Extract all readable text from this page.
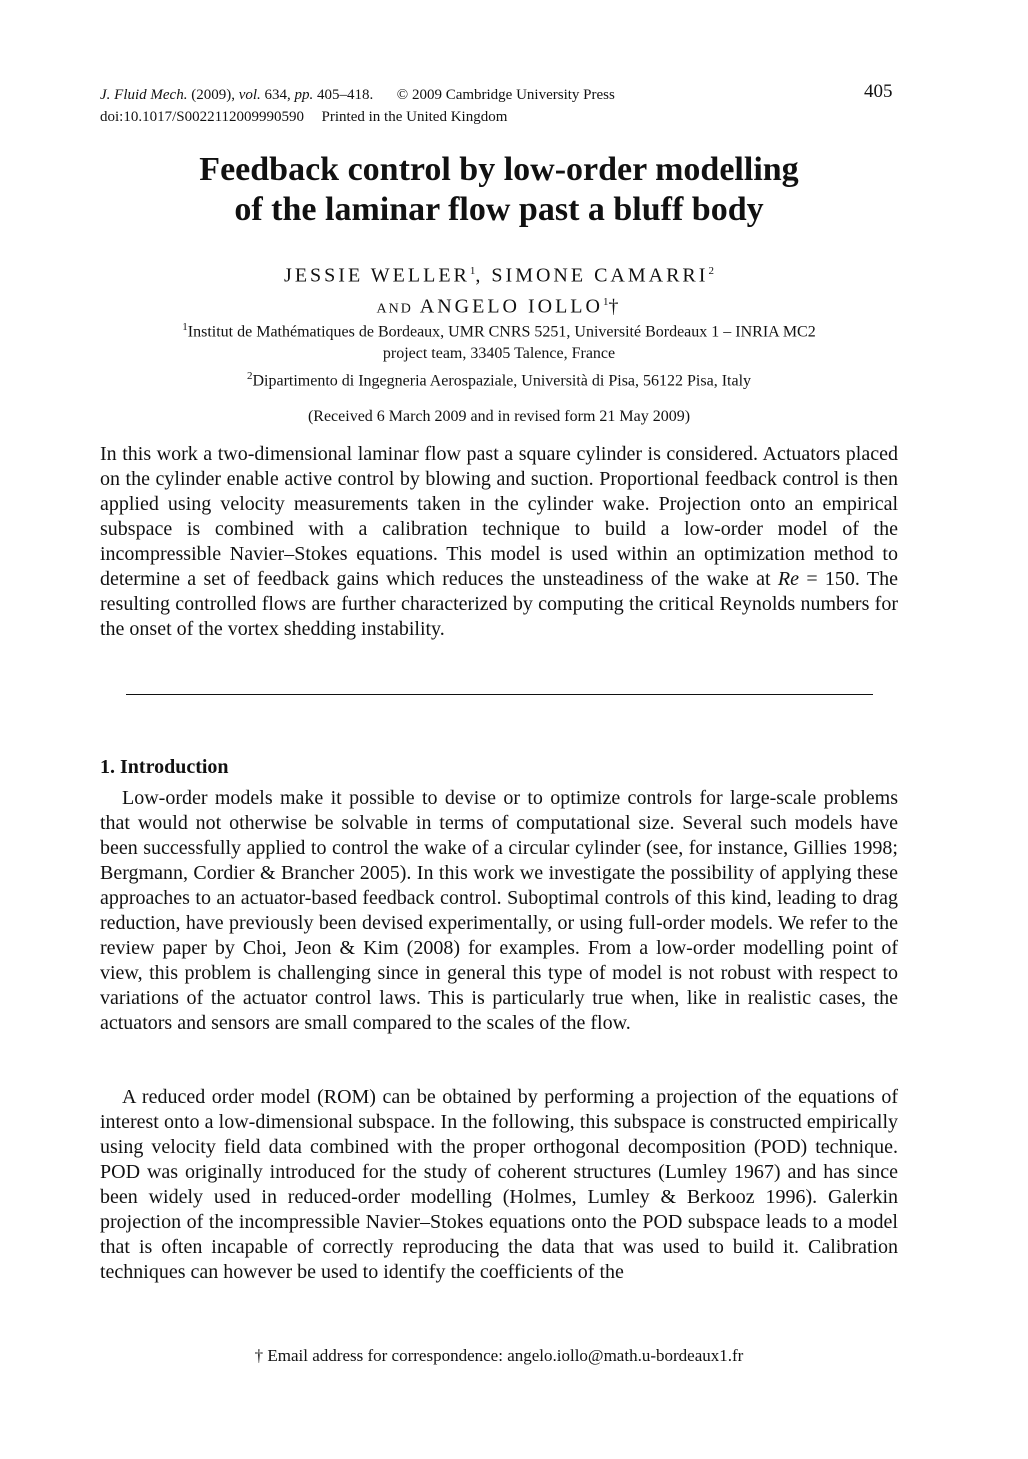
J. Fluid Mech. (2009), vol. 634, pp. 405–418. © 2009 Cambridge University Press
doi:10.1017/S0022112009990590 Printed in the United Kingdom
405
Feedback control by low-order modelling
of the laminar flow past a bluff body
JESSIE WELLER$^1$, SIMONE CAMARRI$^2$
AND ANGELO IOLLO$^1$†
$^1$Institut de Mathématiques de Bordeaux, UMR CNRS 5251, Université Bordeaux 1 – INRIA MC2
project team, 33405 Talence, France
$^2$Dipartimento di Ingegneria Aerospaziale, Università di Pisa, 56122 Pisa, Italy
(Received 6 March 2009 and in revised form 21 May 2009)
In this work a two-dimensional laminar flow past a square cylinder is considered. Actuators placed on the cylinder enable active control by blowing and suction. Proportional feedback control is then applied using velocity measurements taken in the cylinder wake. Projection onto an empirical subspace is combined with a calibration technique to build a low-order model of the incompressible Navier–Stokes equations. This model is used within an optimization method to determine a set of feedback gains which reduces the unsteadiness of the wake at Re = 150. The resulting controlled flows are further characterized by computing the critical Reynolds numbers for the onset of the vortex shedding instability.
1. Introduction
Low-order models make it possible to devise or to optimize controls for large-scale problems that would not otherwise be solvable in terms of computational size. Several such models have been successfully applied to control the wake of a circular cylinder (see, for instance, Gillies 1998; Bergmann, Cordier & Brancher 2005). In this work we investigate the possibility of applying these approaches to an actuator-based feedback control. Suboptimal controls of this kind, leading to drag reduction, have previously been devised experimentally, or using full-order models. We refer to the review paper by Choi, Jeon & Kim (2008) for examples. From a low-order modelling point of view, this problem is challenging since in general this type of model is not robust with respect to variations of the actuator control laws. This is particularly true when, like in realistic cases, the actuators and sensors are small compared to the scales of the flow.
A reduced order model (ROM) can be obtained by performing a projection of the equations of interest onto a low-dimensional subspace. In the following, this subspace is constructed empirically using velocity field data combined with the proper orthogonal decomposition (POD) technique. POD was originally introduced for the study of coherent structures (Lumley 1967) and has since been widely used in reduced-order modelling (Holmes, Lumley & Berkooz 1996). Galerkin projection of the incompressible Navier–Stokes equations onto the POD subspace leads to a model that is often incapable of correctly reproducing the data that was used to build it. Calibration techniques can however be used to identify the coefficients of the
† Email address for correspondence: angelo.iollo@math.u-bordeaux1.fr
